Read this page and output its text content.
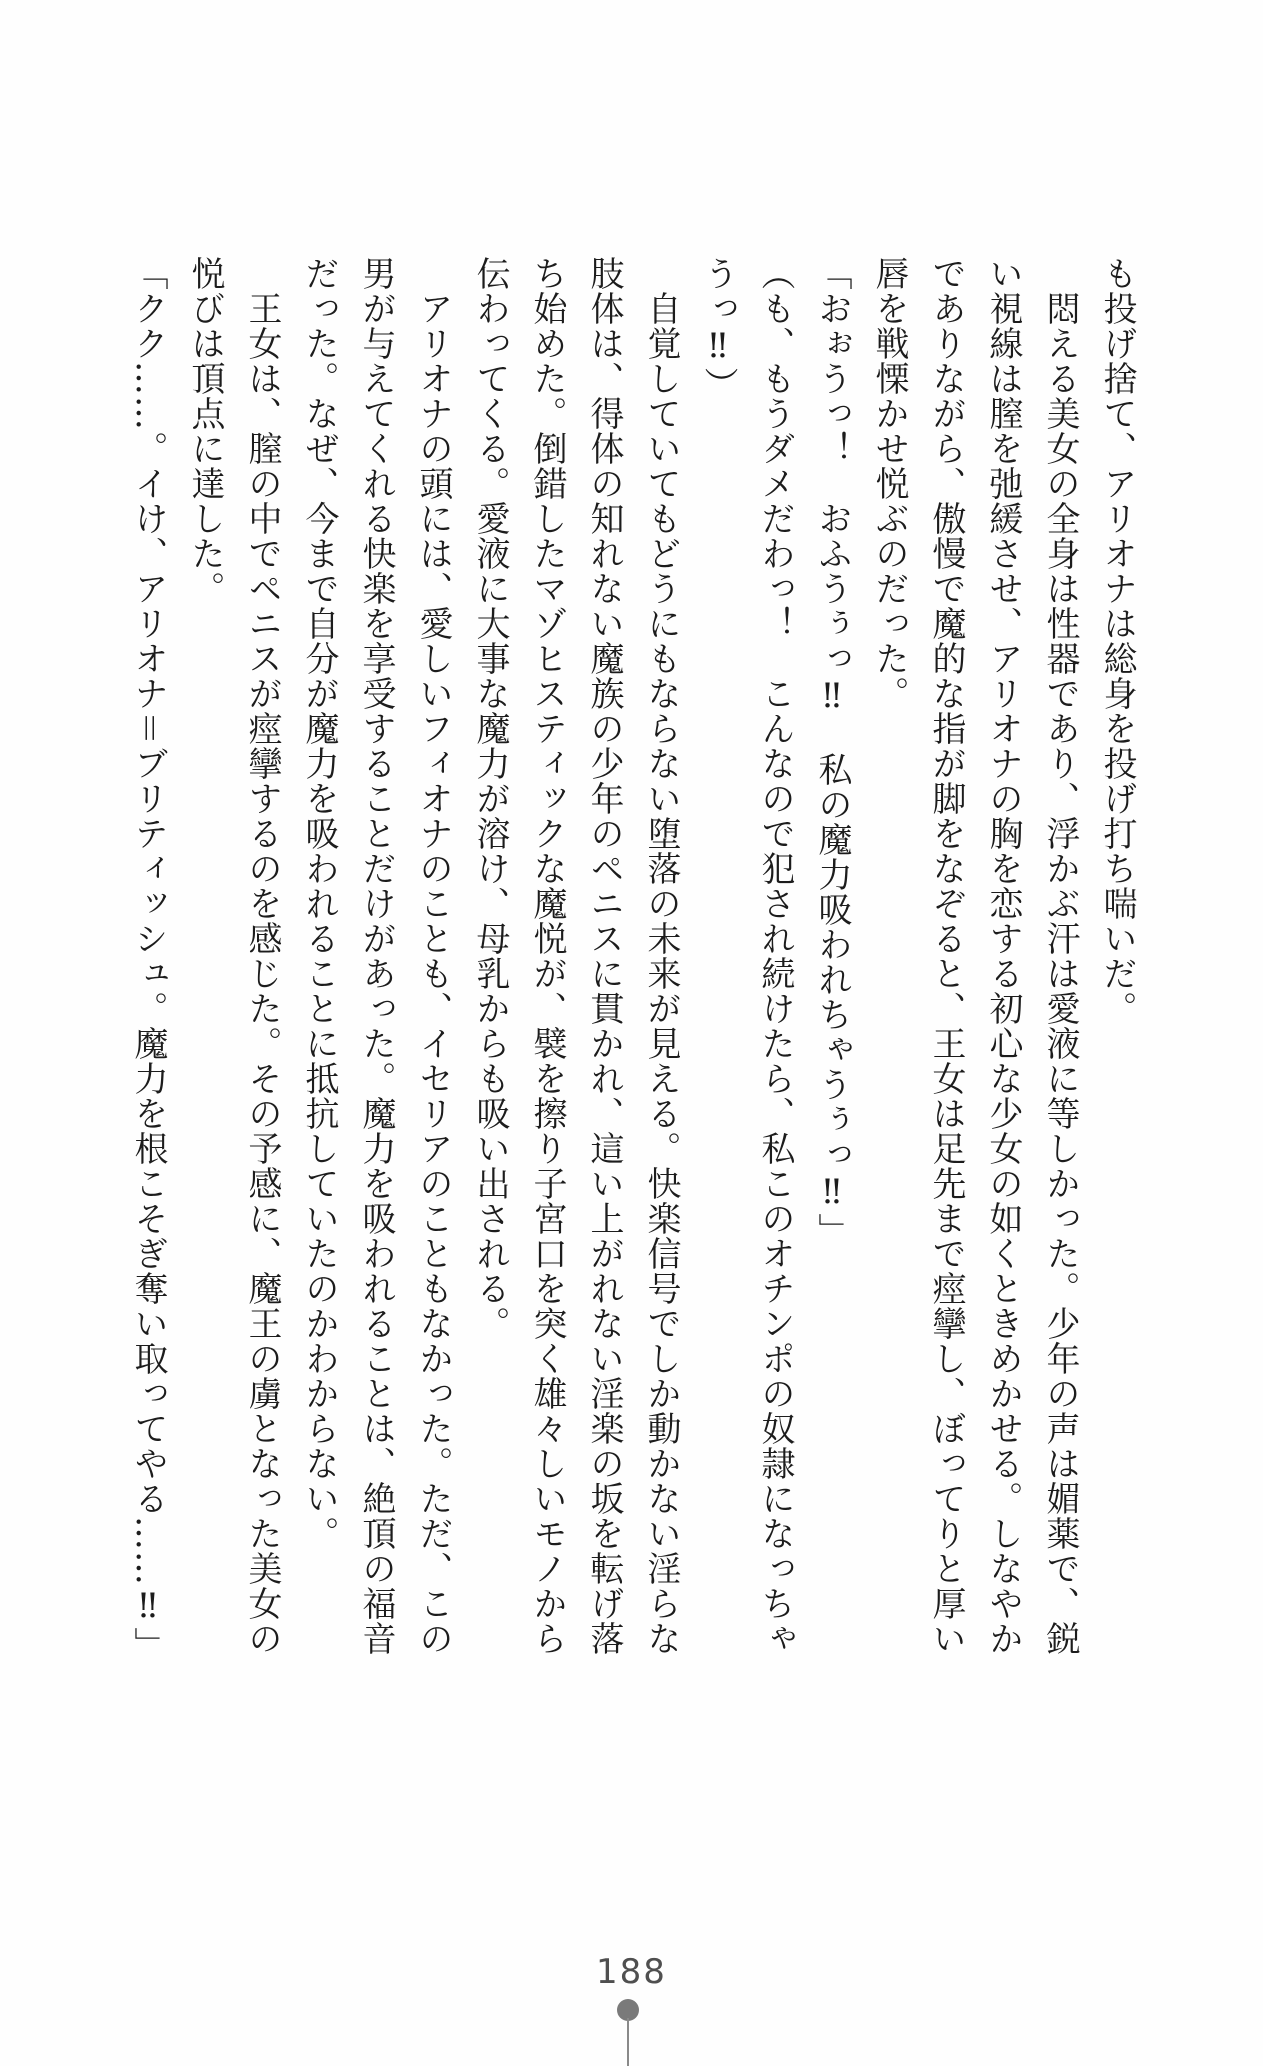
も投げ捨て、アリオナは総身を投げ打ち喘いだ。

　悶える美女の全身は性器であり、浮かぶ汗は愛液に等しかった。少年の声は媚薬で、鋭

い視線は膣を弛緩させ、アリオナの胸を恋する初心な少女の如くときめかせる。しなやか

でありながら、傲慢で魔的な指が脚をなぞると、王女は足先まで痙攣し、ぼってりと厚い

唇を戦慄かせ悦ぶのだった。

「おぉうっ！　おふうぅっ‼　私の魔力吸われちゃうぅっ‼」

（も、もうダメだわっ！　こんなので犯され続けたら、私このオチンポの奴隷になっちゃ

うっ‼）

　自覚していてもどうにもならない堕落の未来が見える。快楽信号でしか動かない淫らな

肢体は、得体の知れない魔族の少年のペニスに貫かれ、這い上がれない淫楽の坂を転げ落

ち始めた。倒錯したマゾヒスティックな魔悦が、襞を擦り子宮口を突く雄々しいモノから

伝わってくる。愛液に大事な魔力が溶け、母乳からも吸い出される。

　アリオナの頭には、愛しいフィオナのことも、イセリアのこともなかった。ただ、この

男が与えてくれる快楽を享受することだけがあった。魔力を吸われることは、絶頂の福音

だった。なぜ、今まで自分が魔力を吸われることに抵抗していたのかわからない。

　王女は、膣の中でペニスが痙攣するのを感じた。その予感に、魔王の虜となった美女の

悦びは頂点に達した。

「クク……。イけ、アリオナ＝ブリティッシュ。魔力を根こそぎ奪い取ってやる……‼」

188
